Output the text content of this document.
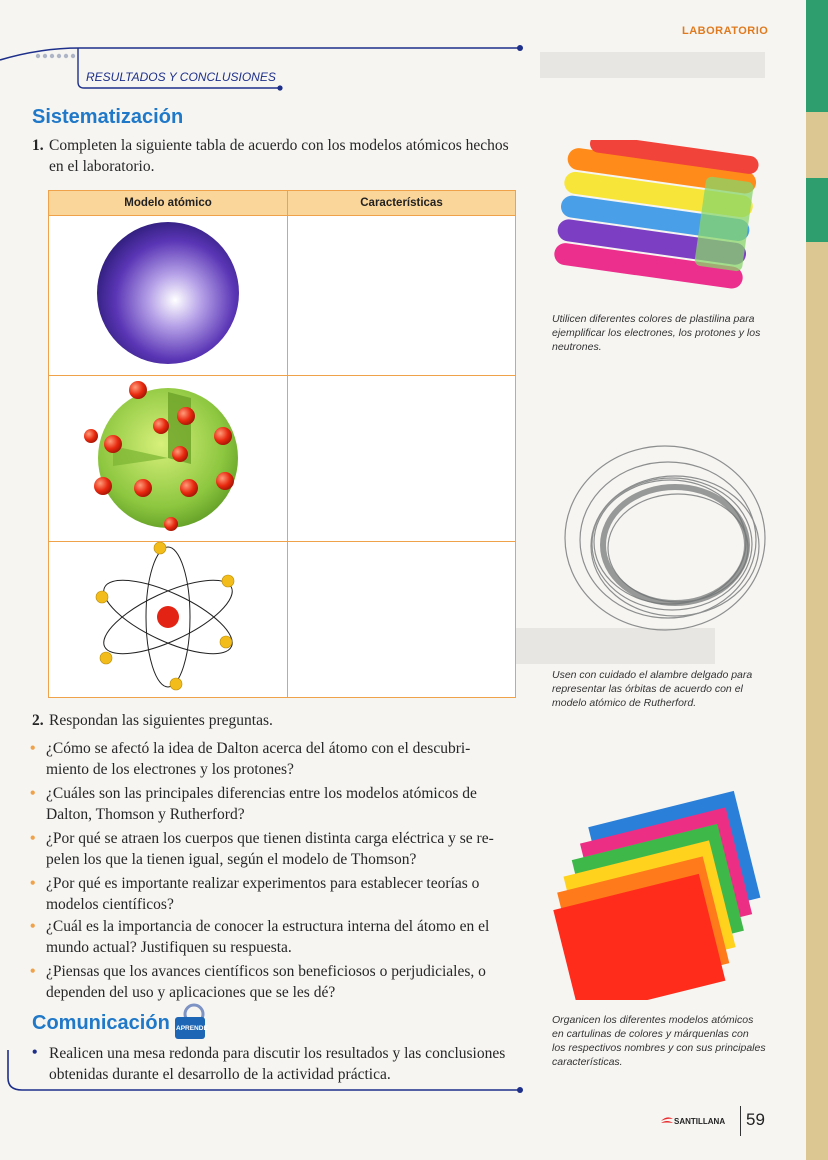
LABORATORIO
RESULTADOS Y CONCLUSIONES
Sistematización
1. Completen la siguiente tabla de acuerdo con los modelos atómicos hechos
en el laboratorio.
Modelo atómico	Características

2. Respondan las siguientes preguntas.
• ¿Cómo se afectó la idea de Dalton acerca del átomo con el descubri-
miento de los electrones y los protones?
• ¿Cuáles son las principales diferencias entre los modelos atómicos de
Dalton, Thomson y Rutherford?
• ¿Por qué se atraen los cuerpos que tienen distinta carga eléctrica y se re-
pelen los que la tienen igual, según el modelo de Thomson?
• ¿Por qué es importante realizar experimentos para establecer teorías o
modelos científicos?
• ¿Cuál es la importancia de conocer la estructura interna del átomo en el
mundo actual? Justifiquen su respuesta.
• ¿Piensas que los avances científicos son beneficiosos o perjudiciales, o
dependen del uso y aplicaciones que se les dé?
Comunicación APRENDE
• Realicen una mesa redonda para discutir los resultados y las conclusiones
obtenidas durante el desarrollo de la actividad práctica.
Utilicen diferentes colores de plastilina para
ejemplificar los electrones, los protones y los
neutrones.
Usen con cuidado el alambre delgado para
representar las órbitas de acuerdo con el
modelo atómico de Rutherford.
Organicen los diferentes modelos atómicos
en cartulinas de colores y márquenlas con
los respectivos nombres y con sus principales
características.
SANTILLANA 59
